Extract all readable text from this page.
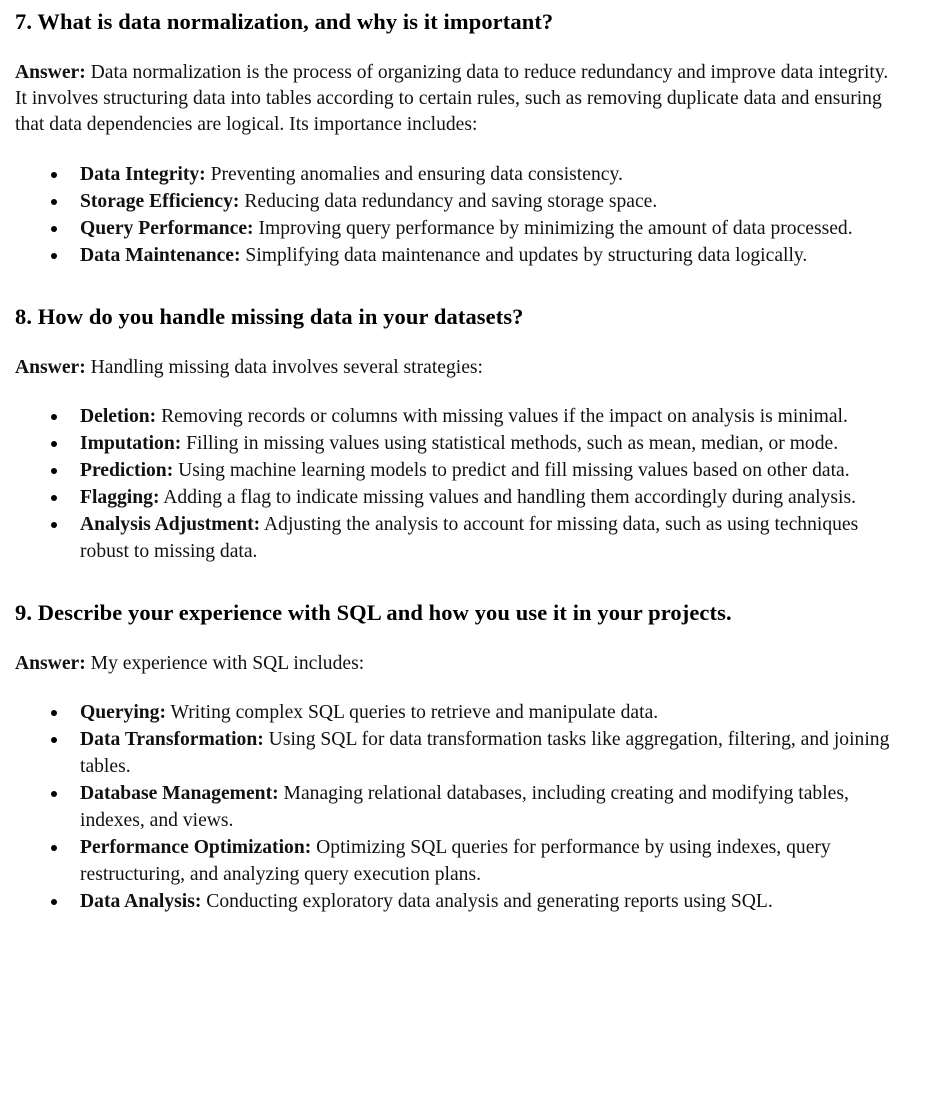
7. What is data normalization, and why is it important?

Answer: Data normalization is the process of organizing data to reduce redundancy and improve data integrity. It involves structuring data into tables according to certain rules, such as removing duplicate data and ensuring that data dependencies are logical. Its importance includes:

Data Integrity: Preventing anomalies and ensuring data consistency.
Storage Efficiency: Reducing data redundancy and saving storage space.
Query Performance: Improving query performance by minimizing the amount of data processed.
Data Maintenance: Simplifying data maintenance and updates by structuring data logically.
8. How do you handle missing data in your datasets?

Answer: Handling missing data involves several strategies:

Deletion: Removing records or columns with missing values if the impact on analysis is minimal.
Imputation: Filling in missing values using statistical methods, such as mean, median, or mode.
Prediction: Using machine learning models to predict and fill missing values based on other data.
Flagging: Adding a flag to indicate missing values and handling them accordingly during analysis.
Analysis Adjustment: Adjusting the analysis to account for missing data, such as using techniques robust to missing data.
9. Describe your experience with SQL and how you use it in your projects.

Answer: My experience with SQL includes:

Querying: Writing complex SQL queries to retrieve and manipulate data.
Data Transformation: Using SQL for data transformation tasks like aggregation, filtering, and joining tables.
Database Management: Managing relational databases, including creating and modifying tables, indexes, and views.
Performance Optimization: Optimizing SQL queries for performance by using indexes, query restructuring, and analyzing query execution plans.
Data Analysis: Conducting exploratory data analysis and generating reports using SQL.
